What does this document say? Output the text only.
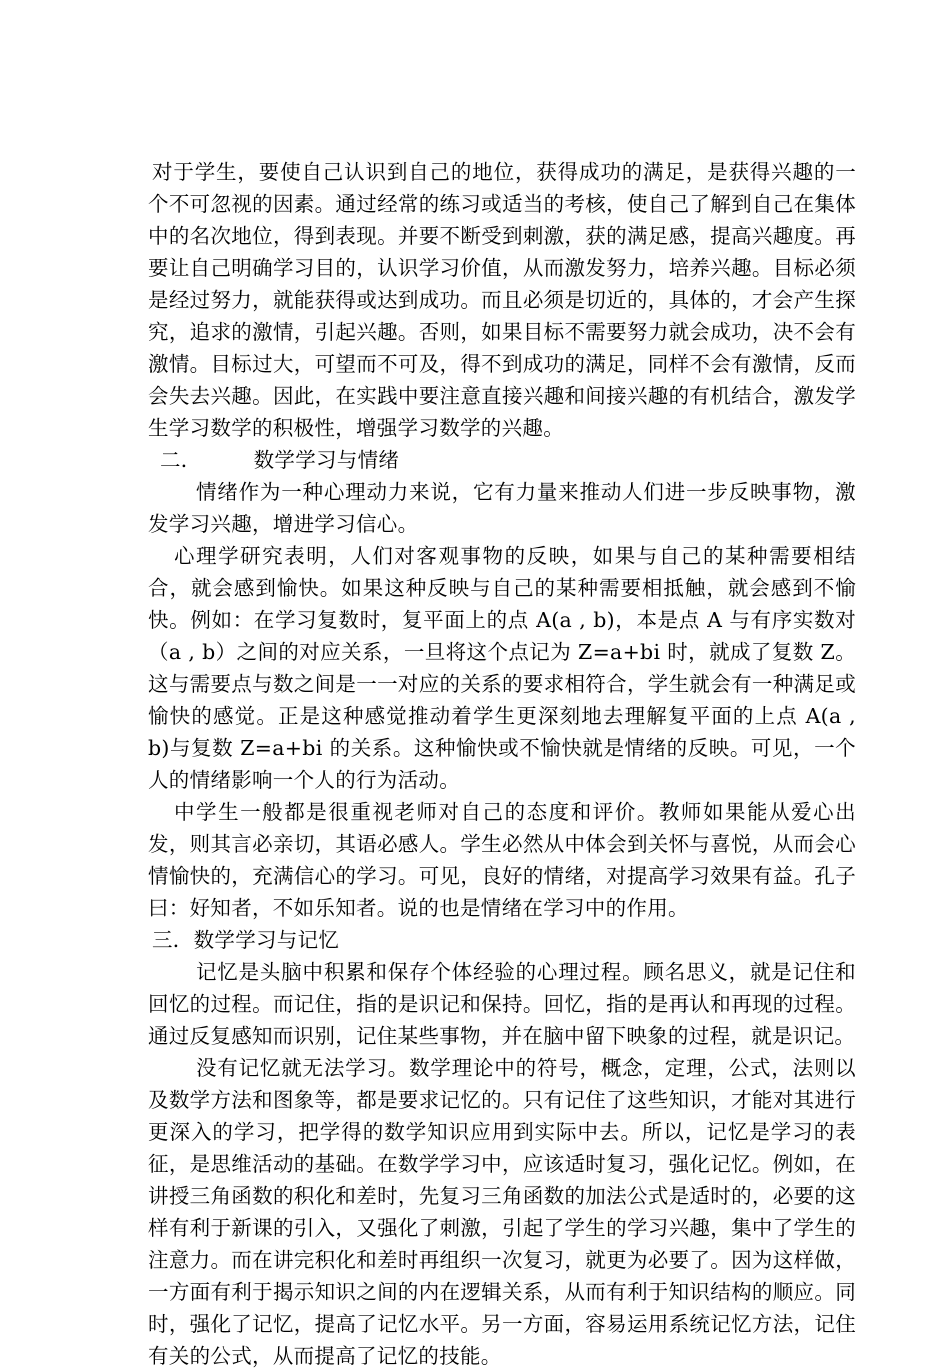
对于学生，要使自己认识到自己的地位，获得成功的满足，是获得兴趣的一个不可忽视的因素。通过经常的练习或适当的考核，使自己了解到自己在集体中的名次地位，得到表现。并要不断受到刺激，获的满足感，提高兴趣度。再要让自己明确学习目的，认识学习价值，从而激发努力，培养兴趣。目标必须是经过努力，就能获得或达到成功。而且必须是切近的，具体的，才会产生探究，追求的激情，引起兴趣。否则，如果目标不需要努力就会成功，决不会有激情。目标过大，可望而不可及，得不到成功的满足，同样不会有激情，反而会失去兴趣。因此，在实践中要注意直接兴趣和间接兴趣的有机结合，激发学生学习数学的积极性，增强学习数学的兴趣。

二．	数学学习与情绪

情绪作为一种心理动力来说，它有力量来推动人们进一步反映事物，激发学习兴趣，增进学习信心。

心理学研究表明，人们对客观事物的反映，如果与自己的某种需要相结合，就会感到愉快。如果这种反映与自己的某种需要相抵触，就会感到不愉快。例如：在学习复数时，复平面上的点 A(a , b)，本是点 A 与有序实数对（a , b）之间的对应关系，一旦将这个点记为 Z=a+bi 时，就成了复数 Z。这与需要点与数之间是一一对应的关系的要求相符合，学生就会有一种满足或愉快的感觉。正是这种感觉推动着学生更深刻地去理解复平面的上点 A(a , b)与复数 Z=a+bi 的关系。这种愉快或不愉快就是情绪的反映。可见，一个人的情绪影响一个人的行为活动。

中学生一般都是很重视老师对自己的态度和评价。教师如果能从爱心出发，则其言必亲切，其语必感人。学生必然从中体会到关怀与喜悦，从而会心情愉快的，充满信心的学习。可见，良好的情绪，对提高学习效果有益。孔子曰：好知者，不如乐知者。说的也是情绪在学习中的作用。

三．数学学习与记忆

记忆是头脑中积累和保存个体经验的心理过程。顾名思义，就是记住和回忆的过程。而记住，指的是识记和保持。回忆，指的是再认和再现的过程。通过反复感知而识别，记住某些事物，并在脑中留下映象的过程，就是识记。

没有记忆就无法学习。数学理论中的符号，概念，定理，公式，法则以及数学方法和图象等，都是要求记忆的。只有记住了这些知识，才能对其进行更深入的学习，把学得的数学知识应用到实际中去。所以，记忆是学习的表征，是思维活动的基础。在数学学习中，应该适时复习，强化记忆。例如，在讲授三角函数的积化和差时，先复习三角函数的加法公式是适时的，必要的这样有利于新课的引入，又强化了刺激，引起了学生的学习兴趣，集中了学生的注意力。而在讲完积化和差时再组织一次复习，就更为必要了。因为这样做，一方面有利于揭示知识之间的内在逻辑关系，从而有利于知识结构的顺应。同时，强化了记忆，提高了记忆水平。另一方面，容易运用系统记忆方法，记住有关的公式，从而提高了记忆的技能。
